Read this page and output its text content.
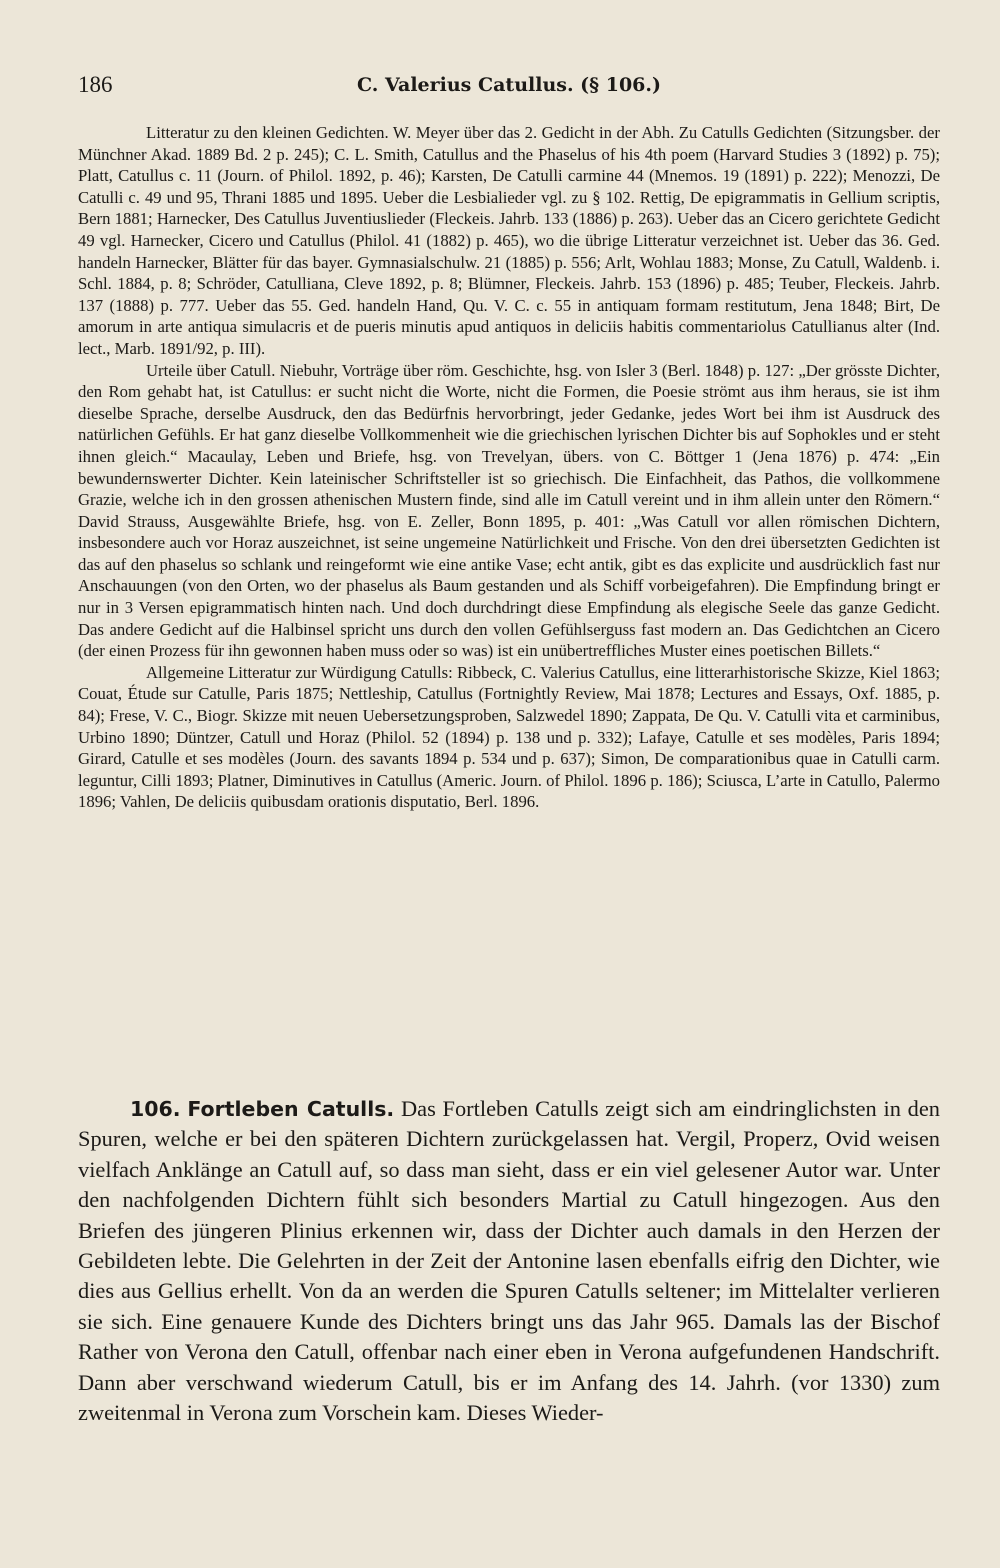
186	C. Valerius Catullus. (§ 106.)

Litteratur zu den kleinen Gedichten. W. Meyer über das 2. Gedicht in der Abh. Zu Catulls Gedichten (Sitzungsber. der Münchner Akad. 1889 Bd. 2 p. 245); C. L. Smith, Catullus and the Phaselus of his 4th poem (Harvard Studies 3 (1892) p. 75); Platt, Catullus c. 11 (Journ. of Philol. 1892, p. 46); Karsten, De Catulli carmine 44 (Mnemos. 19 (1891) p. 222); Menozzi, De Catulli c. 49 und 95, Thrani 1885 und 1895. Ueber die Lesbialieder vgl. zu § 102. Rettig, De epigrammatis in Gellium scriptis, Bern 1881; Harnecker, Des Catullus Juventiuslieder (Fleckeis. Jahrb. 133 (1886) p. 263). Ueber das an Cicero gerichtete Gedicht 49 vgl. Harnecker, Cicero und Catullus (Philol. 41 (1882) p. 465), wo die übrige Litteratur verzeichnet ist. Ueber das 36. Ged. handeln Harnecker, Blätter für das bayer. Gymnasialschulw. 21 (1885) p. 556; Arlt, Wohlau 1883; Monse, Zu Catull, Waldenb. i. Schl. 1884, p. 8; Schröder, Catulliana, Cleve 1892, p. 8; Blümner, Fleckeis. Jahrb. 153 (1896) p. 485; Teuber, Fleckeis. Jahrb. 137 (1888) p. 777. Ueber das 55. Ged. handeln Hand, Qu. V. C. c. 55 in antiquam formam restitutum, Jena 1848; Birt, De amorum in arte antiqua simulacris et de pueris minutis apud antiquos in deliciis habitis commentariolus Catullianus alter (Ind. lect., Marb. 1891/92, p. III).

Urteile über Catull. Niebuhr, Vorträge über röm. Geschichte, hsg. von Isler 3 (Berl. 1848) p. 127: „Der grösste Dichter, den Rom gehabt hat, ist Catullus: er sucht nicht die Worte, nicht die Formen, die Poesie strömt aus ihm heraus, sie ist ihm dieselbe Sprache, derselbe Ausdruck, den das Bedürfnis hervorbringt, jeder Gedanke, jedes Wort bei ihm ist Ausdruck des natürlichen Gefühls. Er hat ganz dieselbe Vollkommenheit wie die griechischen lyrischen Dichter bis auf Sophokles und er steht ihnen gleich.“ Macaulay, Leben und Briefe, hsg. von Trevelyan, übers. von C. Böttger 1 (Jena 1876) p. 474: „Ein bewundernswerter Dichter. Kein lateinischer Schriftsteller ist so griechisch. Die Einfachheit, das Pathos, die vollkommene Grazie, welche ich in den grossen athenischen Mustern finde, sind alle im Catull vereint und in ihm allein unter den Römern.“ David Strauss, Ausgewählte Briefe, hsg. von E. Zeller, Bonn 1895, p. 401: „Was Catull vor allen römischen Dichtern, insbesondere auch vor Horaz auszeichnet, ist seine ungemeine Natürlichkeit und Frische. Von den drei übersetzten Gedichten ist das auf den phaselus so schlank und reingeformt wie eine antike Vase; echt antik, gibt es das explicite und ausdrücklich fast nur Anschauungen (von den Orten, wo der phaselus als Baum gestanden und als Schiff vorbeigefahren). Die Empfindung bringt er nur in 3 Versen epigrammatisch hinten nach. Und doch durchdringt diese Empfindung als elegische Seele das ganze Gedicht. Das andere Gedicht auf die Halbinsel spricht uns durch den vollen Gefühlserguss fast modern an. Das Gedichtchen an Cicero (der einen Prozess für ihn gewonnen haben muss oder so was) ist ein unübertreffliches Muster eines poetischen Billets.“

Allgemeine Litteratur zur Würdigung Catulls: Ribbeck, C. Valerius Catullus, eine litterarhistorische Skizze, Kiel 1863; Couat, Étude sur Catulle, Paris 1875; Nettleship, Catullus (Fortnightly Review, Mai 1878; Lectures and Essays, Oxf. 1885, p. 84); Frese, V. C., Biogr. Skizze mit neuen Uebersetzungsproben, Salzwedel 1890; Zappata, De Qu. V. Catulli vita et carminibus, Urbino 1890; Düntzer, Catull und Horaz (Philol. 52 (1894) p. 138 und p. 332); Lafaye, Catulle et ses modèles, Paris 1894; Girard, Catulle et ses modèles (Journ. des savants 1894 p. 534 und p. 637); Simon, De comparationibus quae in Catulli carm. leguntur, Cilli 1893; Platner, Diminutives in Catullus (Americ. Journ. of Philol. 1896 p. 186); Sciusca, L’arte in Catullo, Palermo 1896; Vahlen, De deliciis quibusdam orationis disputatio, Berl. 1896.

106. Fortleben Catulls. Das Fortleben Catulls zeigt sich am eindringlichsten in den Spuren, welche er bei den späteren Dichtern zurückgelassen hat. Vergil, Properz, Ovid weisen vielfach Anklänge an Catull auf, so dass man sieht, dass er ein viel gelesener Autor war. Unter den nachfolgenden Dichtern fühlt sich besonders Martial zu Catull hingezogen. Aus den Briefen des jüngeren Plinius erkennen wir, dass der Dichter auch damals in den Herzen der Gebildeten lebte. Die Gelehrten in der Zeit der Antonine lasen ebenfalls eifrig den Dichter, wie dies aus Gellius erhellt. Von da an werden die Spuren Catulls seltener; im Mittelalter verlieren sie sich. Eine genauere Kunde des Dichters bringt uns das Jahr 965. Damals las der Bischof Rather von Verona den Catull, offenbar nach einer eben in Verona aufgefundenen Handschrift. Dann aber verschwand wiederum Catull, bis er im Anfang des 14. Jahrh. (vor 1330) zum zweitenmal in Verona zum Vorschein kam. Dieses Wieder-
